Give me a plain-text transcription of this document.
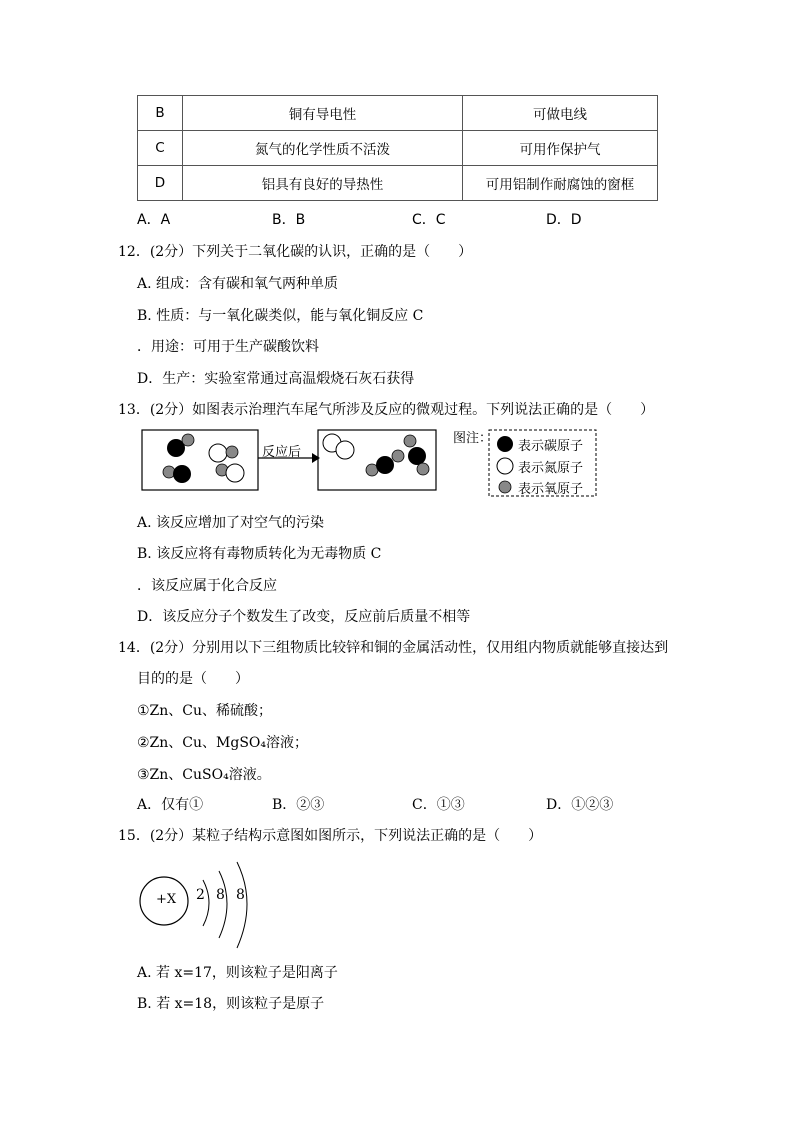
B	铜有导电性	可做电线
C	氮气的化学性质不活泼	可用作保护气
D	铝具有良好的导热性	可用铝制作耐腐蚀的窗框
A．A	B．B	C．C	D．D
12．(2分）下列关于二氧化碳的认识，正确的是（　　）
A. 组成：含有碳和氧气两种单质
B. 性质：与一氧化碳类似，能与氧化铜反应 C
．用途：可用于生产碳酸饮料
D．生产：实验室常通过高温煅烧石灰石获得
13．(2分）如图表示治理汽车尾气所涉及反应的微观过程。下列说法正确的是（　　）
反应后
图注：
表示碳原子
表示氮原子
表示氧原子
A. 该反应增加了对空气的污染
B. 该反应将有毒物质转化为无毒物质 C
．该反应属于化合反应
D．该反应分子个数发生了改变，反应前后质量不相等
14．(2分）分别用以下三组物质比较锌和铜的金属活动性，仅用组内物质就能够直接达到
目的的是（　　）
①Zn、Cu、稀硫酸；
②Zn、Cu、MgSO₄溶液；
③Zn、CuSO₄溶液。
A．仅有①	B．②③	C．①③	D．①②③
15．(2分）某粒子结构示意图如图所示，下列说法正确的是（　　）
+X 2 8 8
A. 若 x=17，则该粒子是阳离子
B. 若 x=18，则该粒子是原子
